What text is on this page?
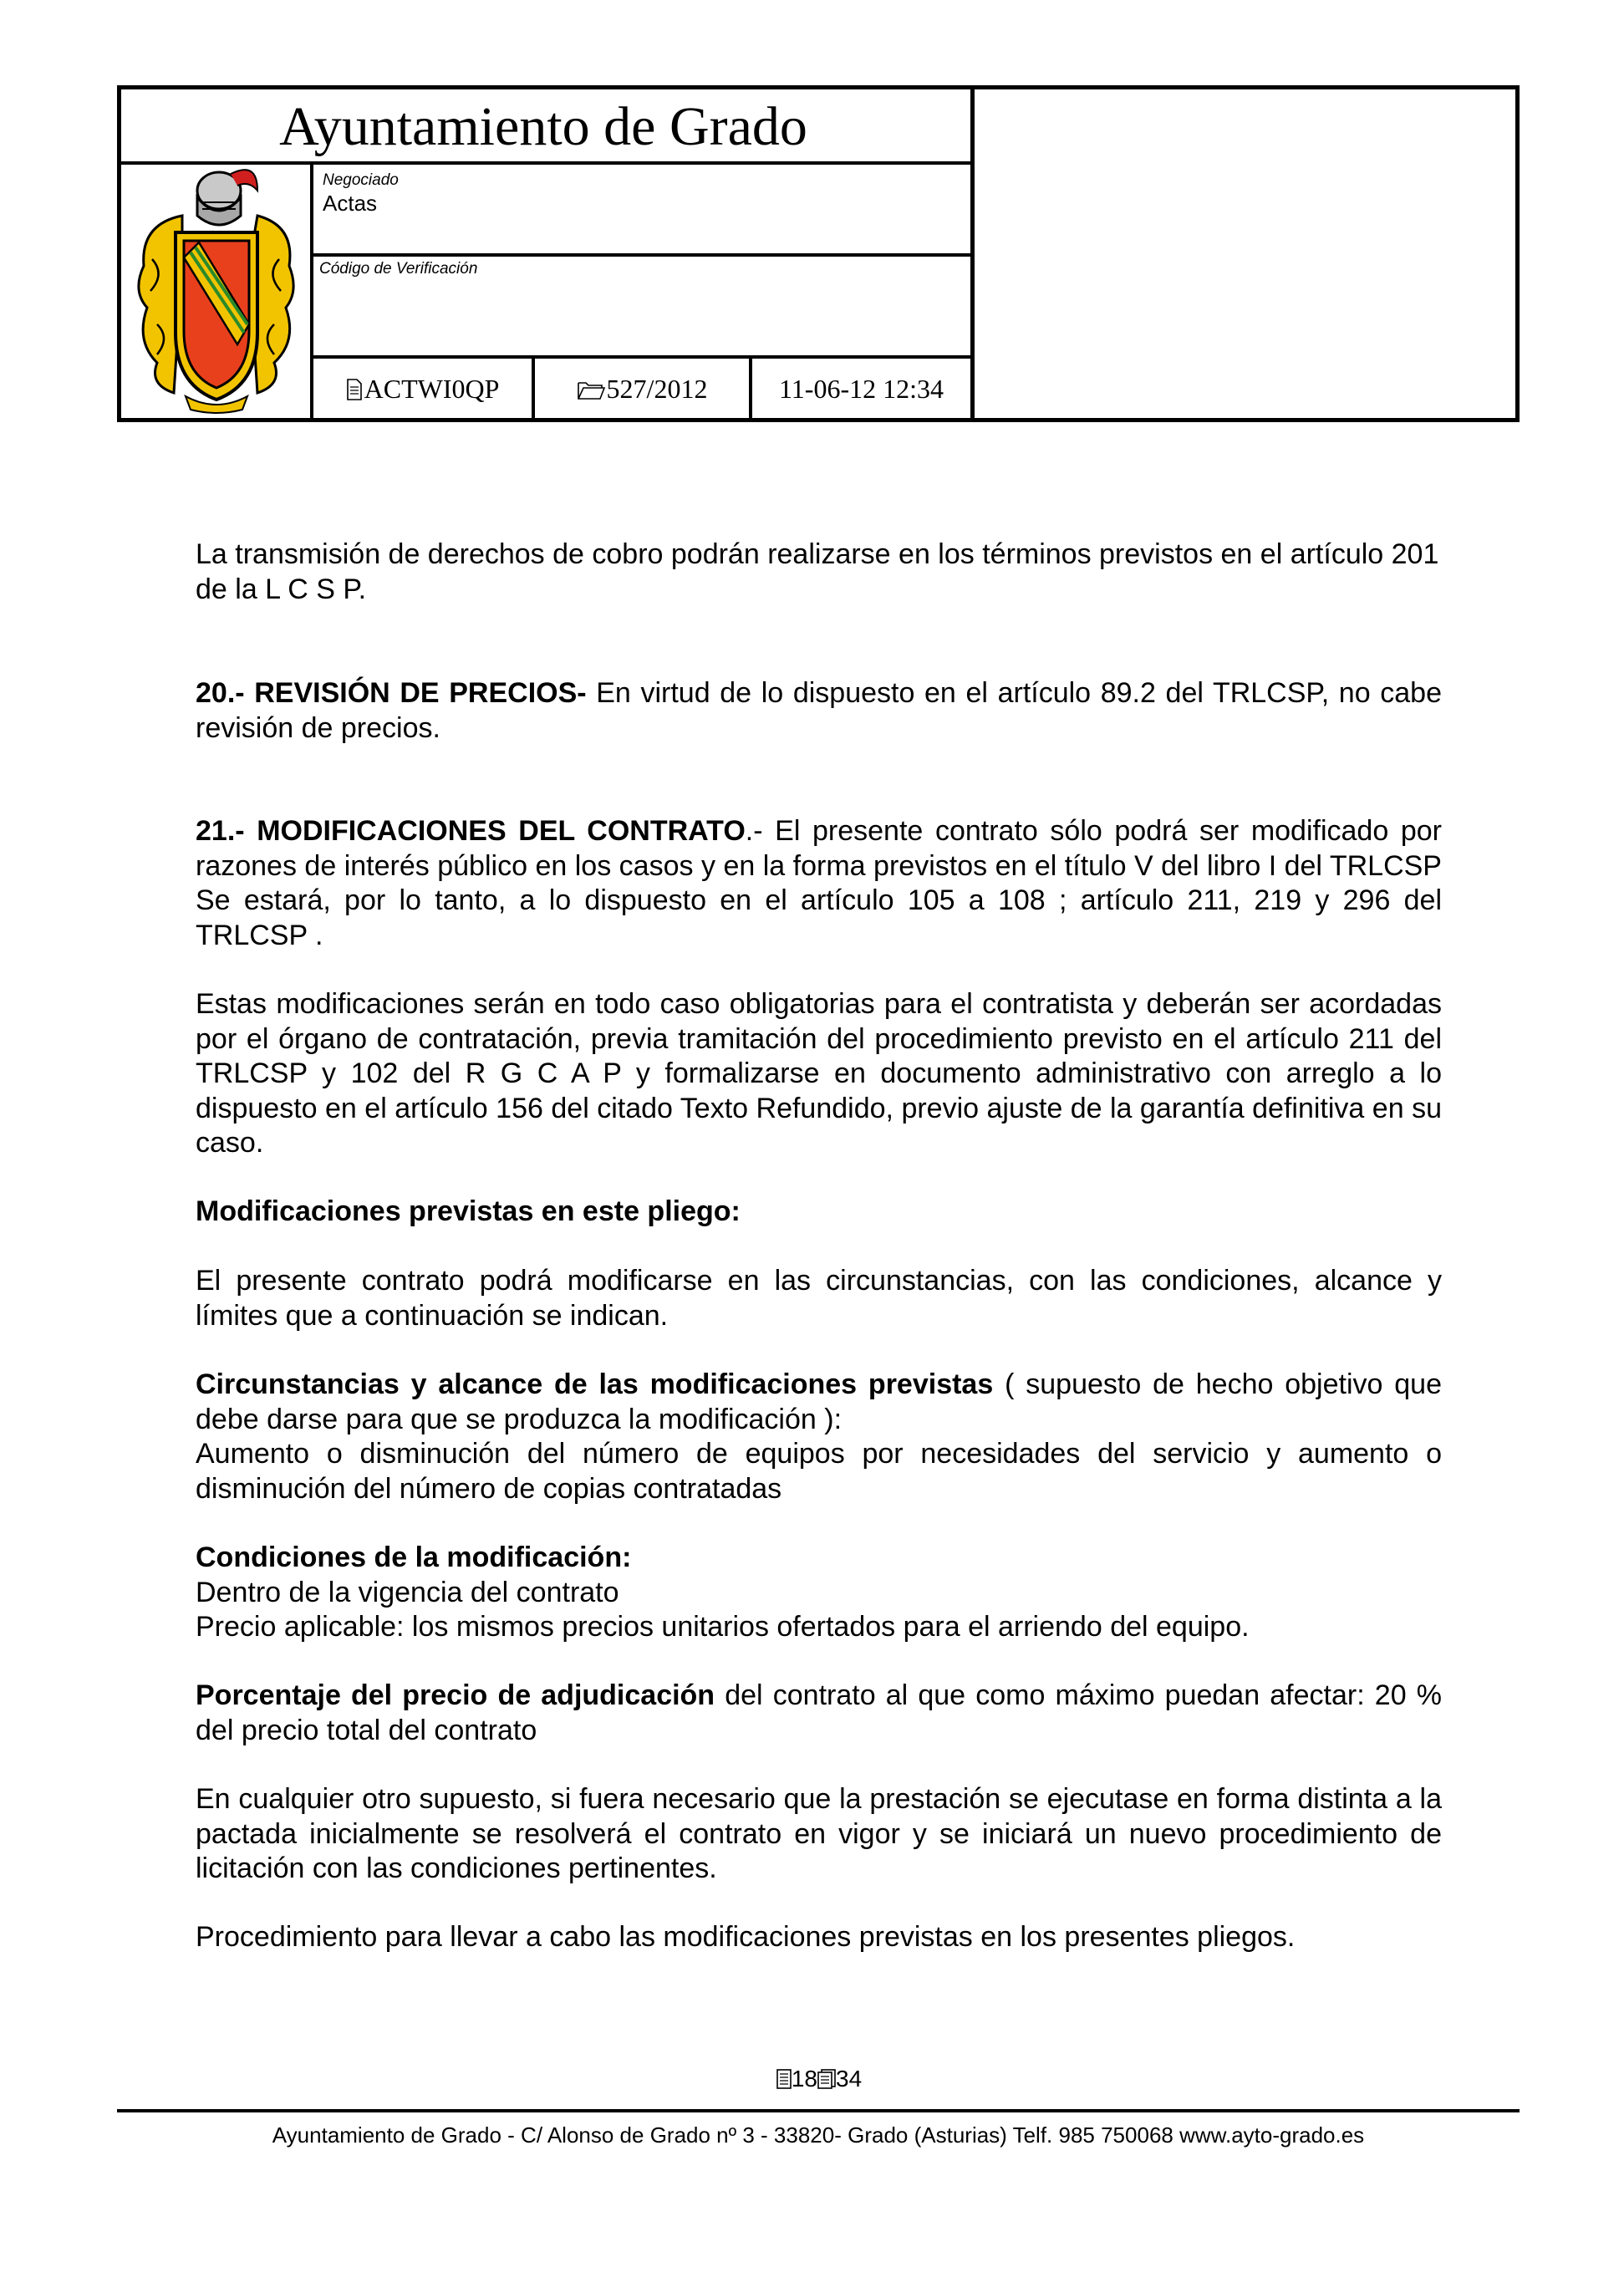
Ayuntamiento de Grado
Negociado
Actas
Código de Verificación
ACTWI0QP	527/2012	11-06-12 12:34
La transmisión de derechos de cobro podrán realizarse en los términos previstos en el artículo 201 de la L C S P.
20.- REVISIÓN DE PRECIOS- En virtud de lo dispuesto en el artículo 89.2 del TRLCSP, no cabe revisión de precios.
21.- MODIFICACIONES DEL CONTRATO.- El presente contrato sólo podrá ser modificado por razones de interés público en los casos y en la forma previstos en el título V del libro I del TRLCSP Se estará, por lo tanto, a lo dispuesto en el artículo 105 a 108 ; artículo 211, 219 y 296 del TRLCSP .
Estas modificaciones serán en todo caso obligatorias para el contratista y deberán ser acordadas por el órgano de contratación, previa tramitación del procedimiento previsto en el artículo 211 del TRLCSP y 102 del R G C A P y formalizarse en documento administrativo con arreglo a lo dispuesto en el artículo 156 del citado Texto Refundido, previo ajuste de la garantía definitiva en su caso.
Modificaciones previstas en este pliego:
El presente contrato podrá modificarse en las circunstancias, con las condiciones, alcance y límites que a continuación se indican.
Circunstancias y alcance de las modificaciones previstas ( supuesto de hecho objetivo que debe darse para que se produzca la modificación ):
Aumento o disminución del número de equipos por necesidades del servicio y aumento o disminución del número de copias contratadas
Condiciones de la modificación:
Dentro de la vigencia del contrato
Precio aplicable: los mismos precios unitarios ofertados para el arriendo del equipo.
Porcentaje del precio de adjudicación del contrato al que como máximo puedan afectar: 20 % del precio total del contrato
En cualquier otro supuesto, si fuera necesario que la prestación se ejecutase en forma distinta a la pactada inicialmente se resolverá el contrato en vigor y se iniciará un nuevo procedimiento de licitación con las condiciones pertinentes.
Procedimiento para llevar a cabo las modificaciones previstas en los presentes pliegos.
18 34
Ayuntamiento de Grado - C/ Alonso de Grado nº 3 - 33820- Grado (Asturias) Telf. 985 750068 www.ayto-grado.es
